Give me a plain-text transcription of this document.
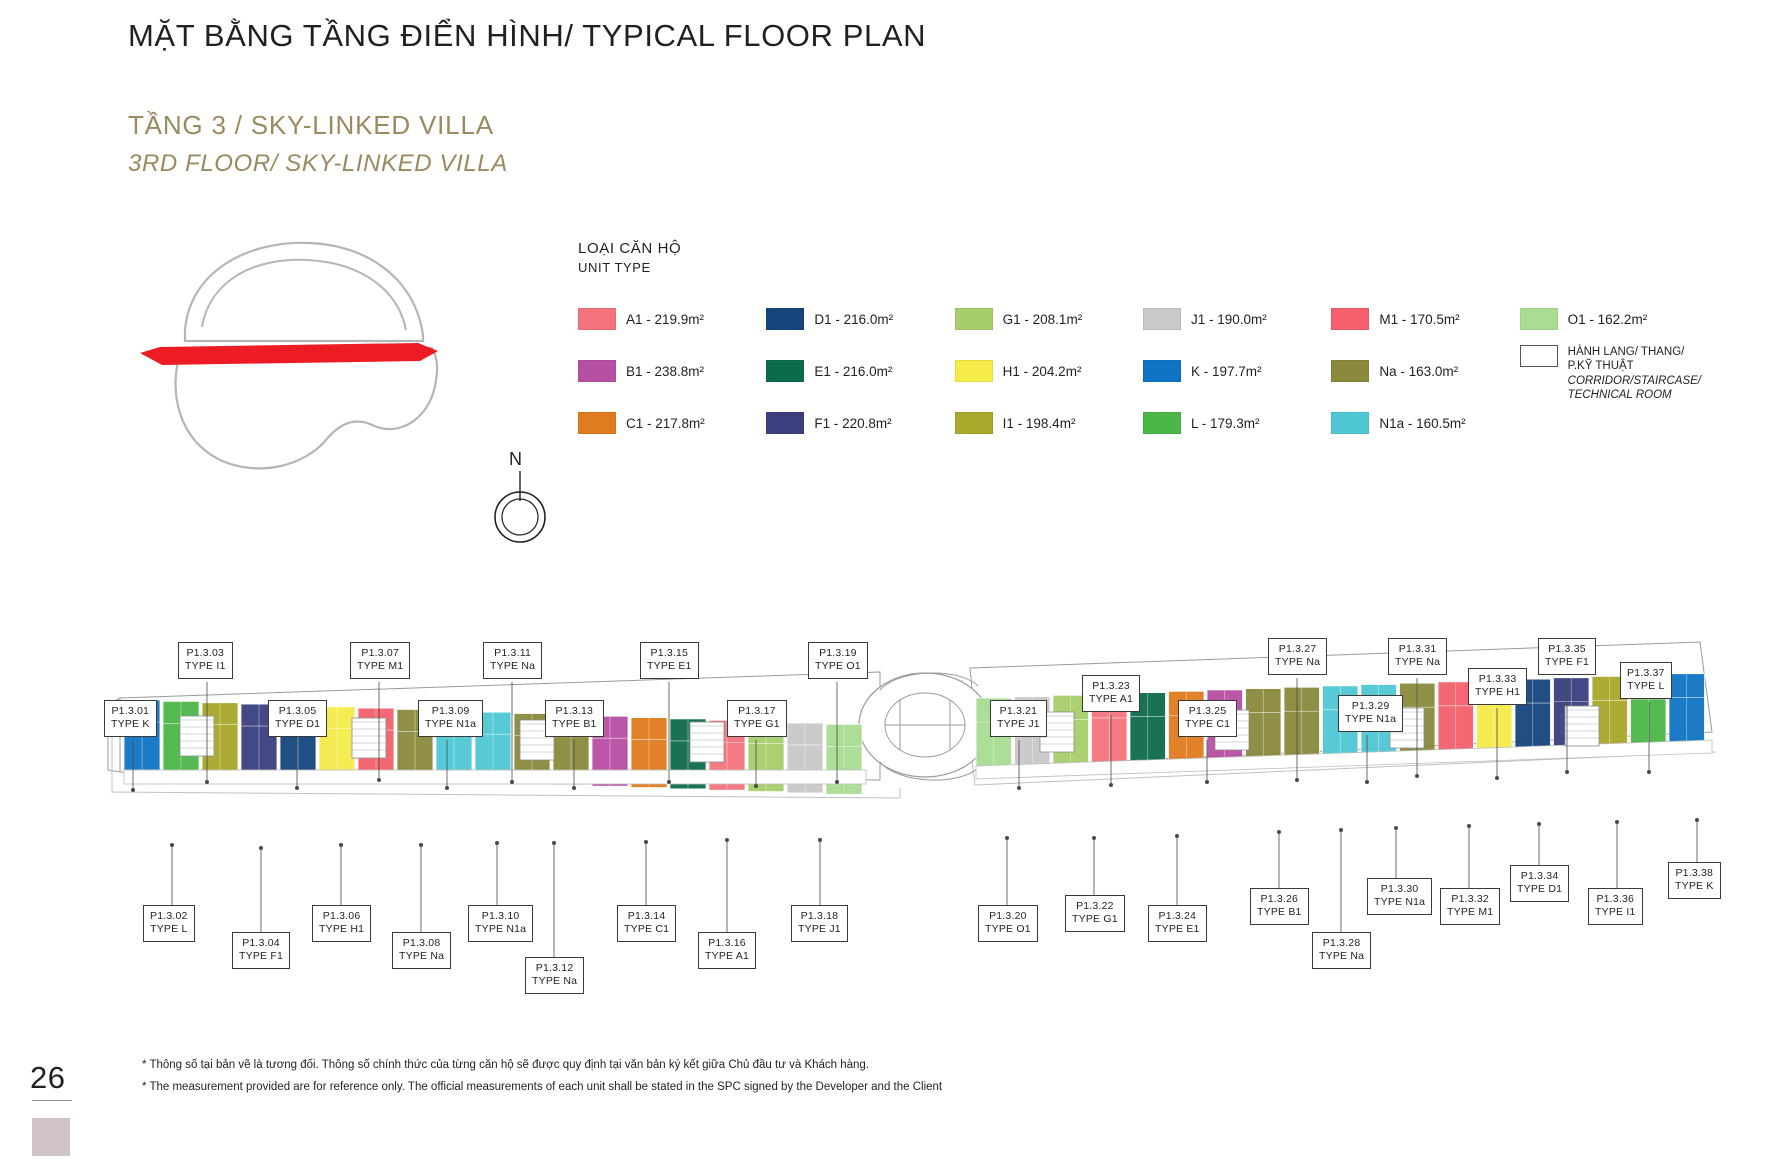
MẶT BẰNG TẦNG ĐIỂN HÌNH/ TYPICAL FLOOR PLAN
TẦNG 3 / SKY-LINKED VILLA
3RD FLOOR/ SKY-LINKED VILLA
Level 3
N
LOẠI CĂN HỘ
UNIT TYPE
A1 - 219.9m²	D1 - 216.0m²	G1 - 208.1m²	J1 - 190.0m²	M1 - 170.5m²	O1 - 162.2m²
B1 - 238.8m²	E1 - 216.0m²	H1 - 204.2m²	K - 197.7m²	Na - 163.0m²
HÀNH LANG/ THANG/ P.KỸ THUẬT
CORRIDOR/STAIRCASE/ TECHNICAL ROOM
C1 - 217.8m²	F1 - 220.8m²	I1 - 198.4m²	L - 179.3m²	N1a - 160.5m²
P1.3.01
TYPE K
P1.3.02
TYPE L
P1.3.03
TYPE I1
P1.3.04
TYPE F1
P1.3.05
TYPE D1
P1.3.06
TYPE H1
P1.3.07
TYPE M1
P1.3.08
TYPE Na
P1.3.09
TYPE N1a
P1.3.10
TYPE N1a
P1.3.11
TYPE Na
P1.3.12
TYPE Na
P1.3.13
TYPE B1
P1.3.14
TYPE C1
P1.3.15
TYPE E1
P1.3.16
TYPE A1
P1.3.17
TYPE G1
P1.3.18
TYPE J1
P1.3.19
TYPE O1
P1.3.20
TYPE O1
P1.3.21
TYPE J1
P1.3.22
TYPE G1
P1.3.23
TYPE A1
P1.3.24
TYPE E1
P1.3.25
TYPE C1
P1.3.26
TYPE B1
P1.3.27
TYPE Na
P1.3.28
TYPE Na
P1.3.29
TYPE N1a
P1.3.30
TYPE N1a
P1.3.31
TYPE Na
P1.3.32
TYPE M1
P1.3.33
TYPE H1
P1.3.34
TYPE D1
P1.3.35
TYPE F1
P1.3.36
TYPE I1
P1.3.37
TYPE L
P1.3.38
TYPE K
26	* Thông số tại bản vẽ là tương đối. Thông số chính thức của từng căn hộ sẽ được quy định tại văn bản ký kết giữa Chủ đầu tư và Khách hàng.
* The measurement provided are for reference only. The official measurements of each unit shall be stated in the SPC signed by the Developer and the Client
